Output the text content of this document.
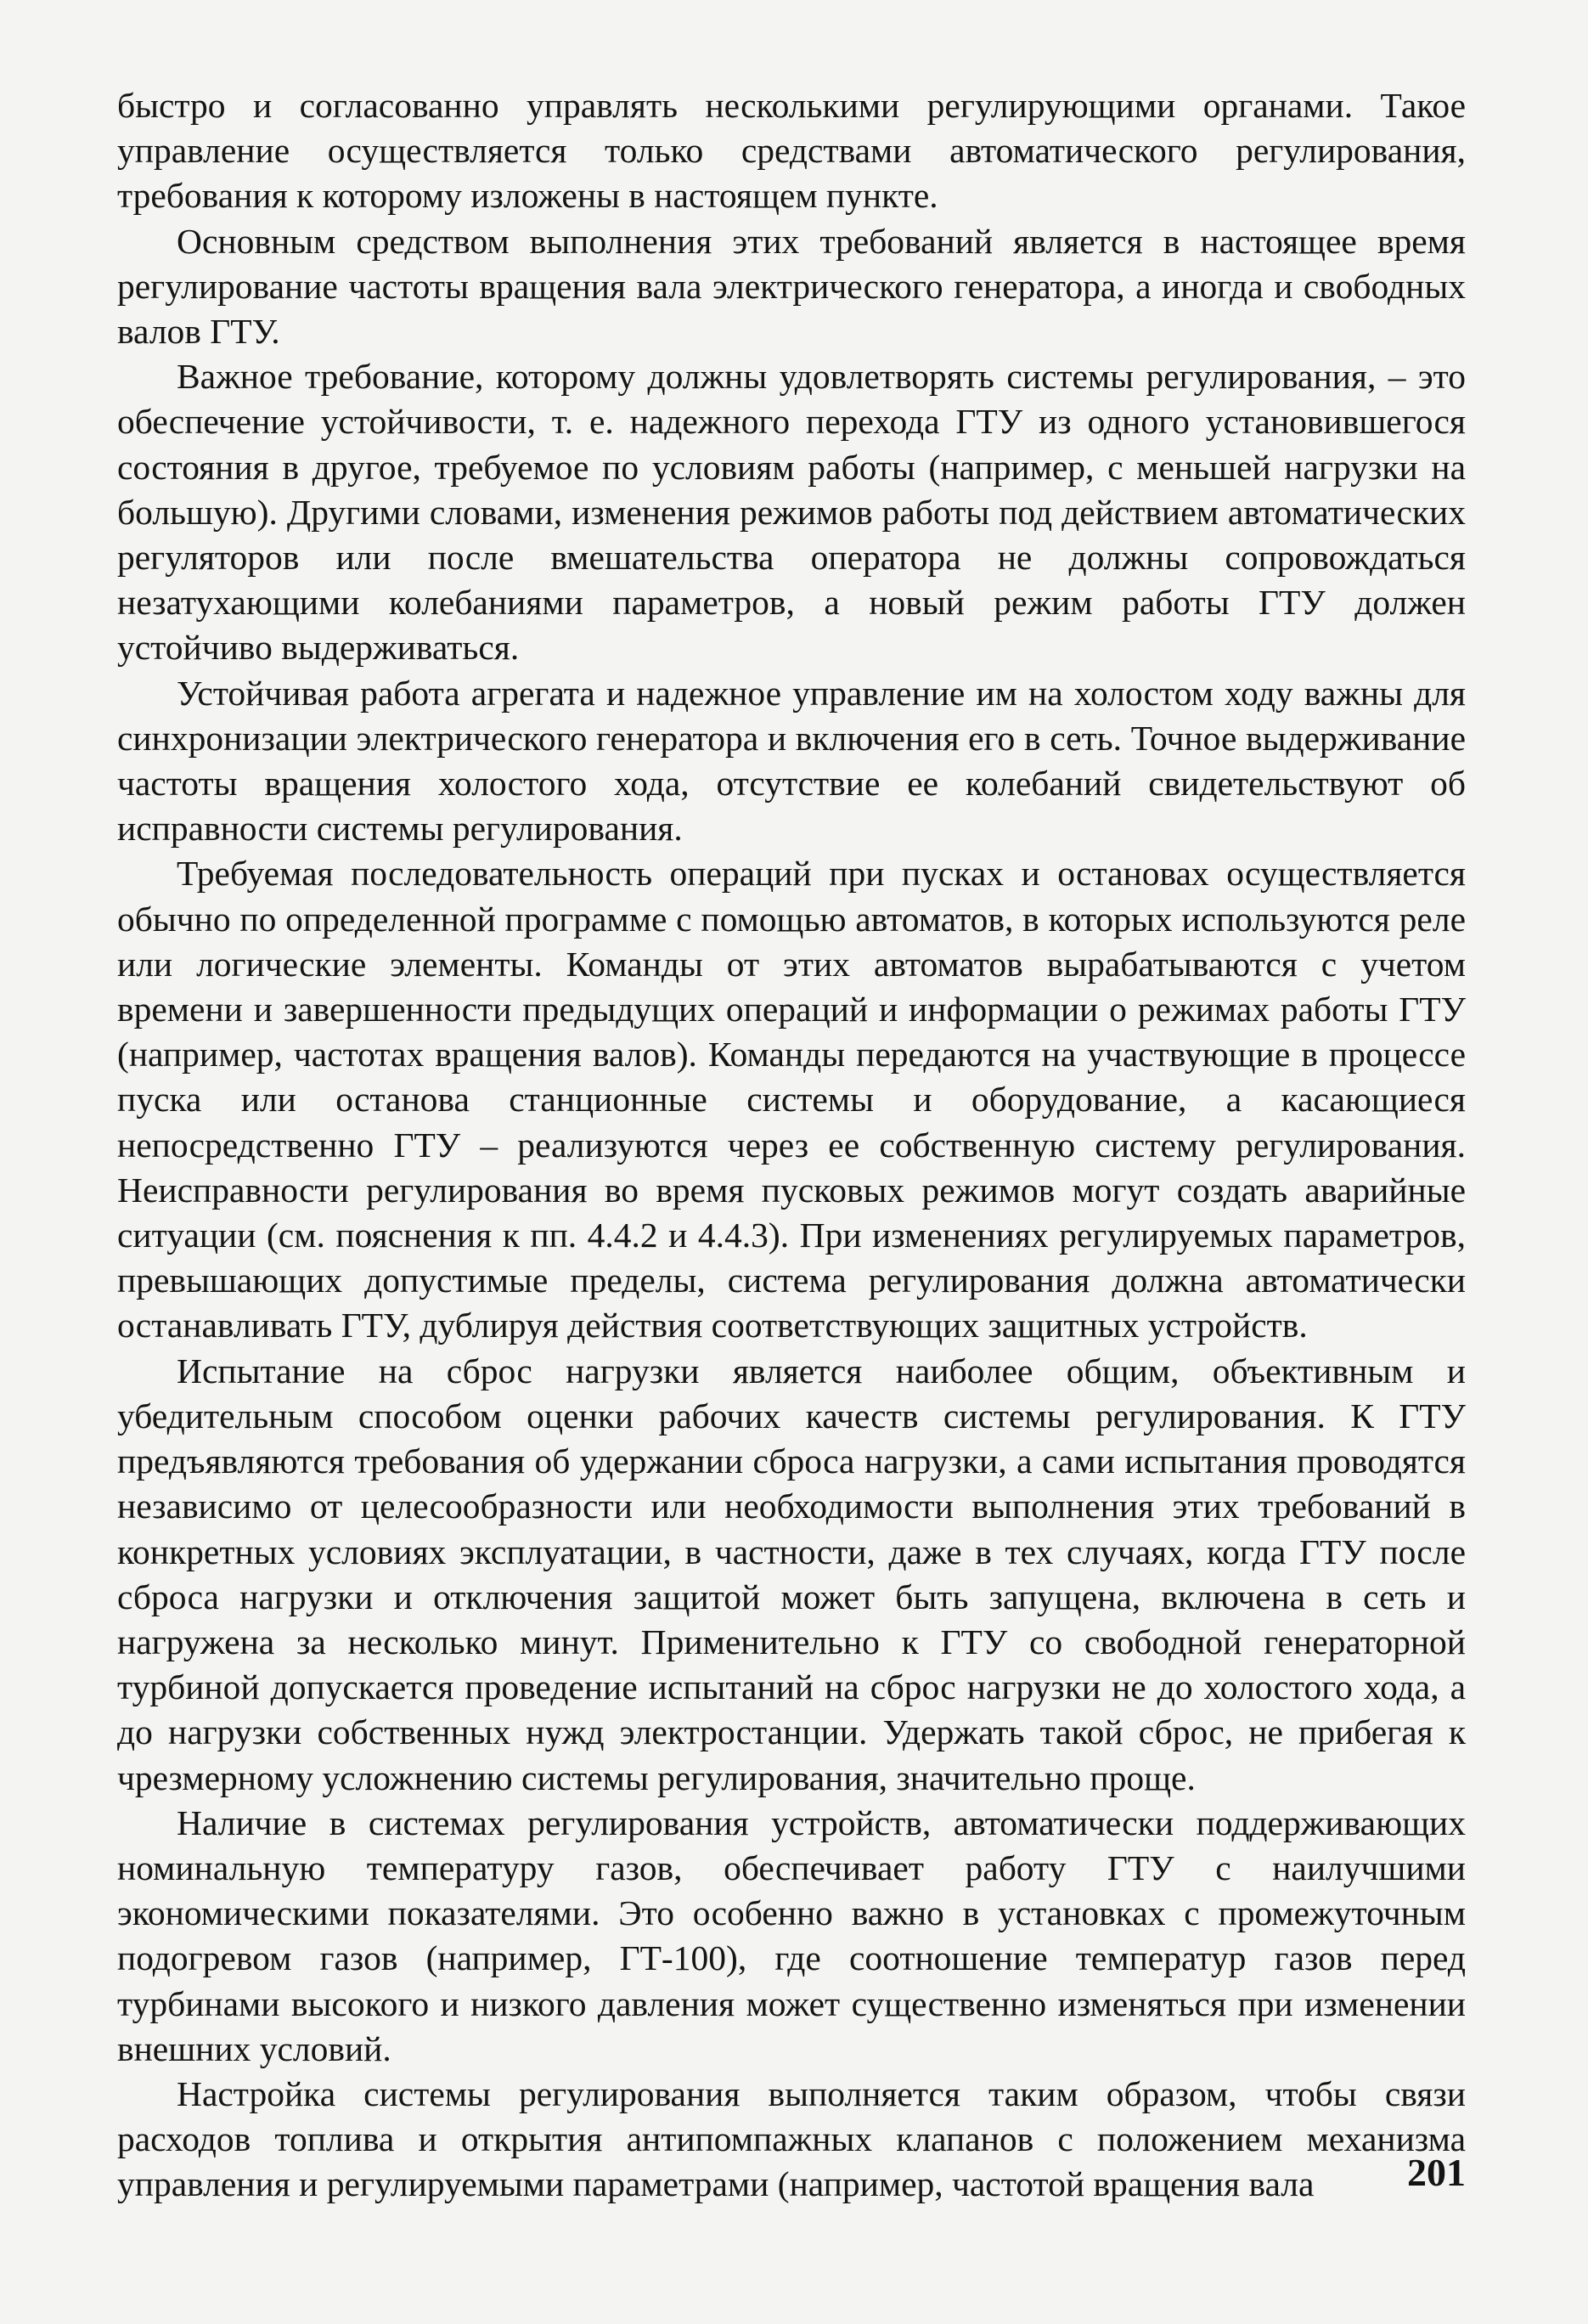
быстро и согласованно управлять несколькими регулирующими органами. Такое управление осуществляется только средствами автоматического регулирования, требования к которому изложены в настоящем пункте.

Основным средством выполнения этих требований является в настоящее время регулирование частоты вращения вала электрического генератора, а иногда и свободных валов ГТУ.

Важное требование, которому должны удовлетворять системы регулирования, – это обеспечение устойчивости, т. е. надежного перехода ГТУ из одного установившегося состояния в другое, требуемое по условиям работы (например, с меньшей нагрузки на большую). Другими словами, изменения режимов работы под действием автоматических регуляторов или после вмешательства оператора не должны сопровождаться незатухающими колебаниями параметров, а новый режим работы ГТУ должен устойчиво выдерживаться.

Устойчивая работа агрегата и надежное управление им на холостом ходу важны для синхронизации электрического генератора и включения его в сеть. Точное выдерживание частоты вращения холостого хода, отсутствие ее колебаний свидетельствуют об исправности системы регулирования.

Требуемая последовательность операций при пусках и остановах осуществляется обычно по определенной программе с помощью автоматов, в которых используются реле или логические элементы. Команды от этих автоматов вырабатываются с учетом времени и завершенности предыдущих операций и информации о режимах работы ГТУ (например, частотах вращения валов). Команды передаются на участвующие в процессе пуска или останова станционные системы и оборудование, а касающиеся непосредственно ГТУ – реализуются через ее собственную систему регулирования. Неисправности регулирования во время пусковых режимов могут создать аварийные ситуации (см. пояснения к пп. 4.4.2 и 4.4.3). При изменениях регулируемых параметров, превышающих допустимые пределы, система регулирования должна автоматически останавливать ГТУ, дублируя действия соответствующих защитных устройств.

Испытание на сброс нагрузки является наиболее общим, объективным и убедительным способом оценки рабочих качеств системы регулирования. К ГТУ предъявляются требования об удержании сброса нагрузки, а сами испытания проводятся независимо от целесообразности или необходимости выполнения этих требований в конкретных условиях эксплуатации, в частности, даже в тех случаях, когда ГТУ после сброса нагрузки и отключения защитой может быть запущена, включена в сеть и нагружена за несколько минут. Применительно к ГТУ со свободной генераторной турбиной допускается проведение испытаний на сброс нагрузки не до холостого хода, а до нагрузки собственных нужд электростанции. Удержать такой сброс, не прибегая к чрезмерному усложнению системы регулирования, значительно проще.

Наличие в системах регулирования устройств, автоматически поддерживающих номинальную температуру газов, обеспечивает работу ГТУ с наилучшими экономическими показателями. Это особенно важно в установках с промежуточным подогревом газов (например, ГТ-100), где соотношение температур газов перед турбинами высокого и низкого давления может существенно изменяться при изменении внешних условий.

Настройка системы регулирования выполняется таким образом, чтобы связи расходов топлива и открытия антипомпажных клапанов с положением механизма управления и регулируемыми параметрами (например, частотой вращения вала	201
